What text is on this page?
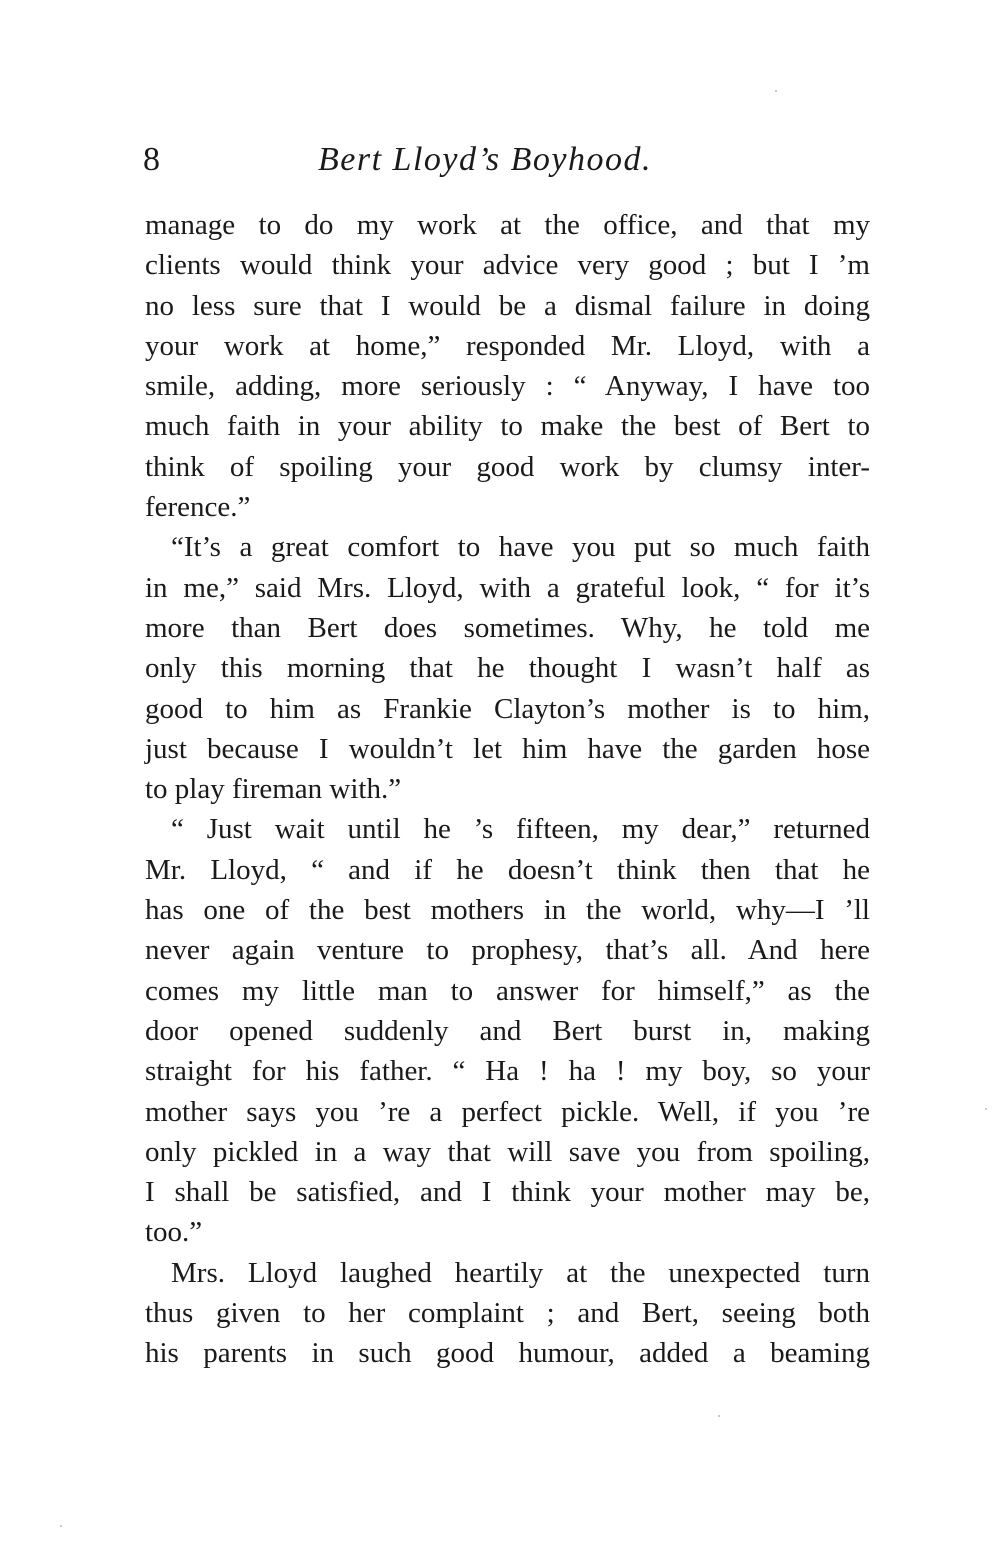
8	Bert Lloyd’s Boyhood.
manage to do my work at the office, and that my
clients would think your advice very good ; but I ’m
no less sure that I would be a dismal failure in doing
your work at home,” responded Mr. Lloyd, with a
smile, adding, more seriously : “ Anyway, I have too
much faith in your ability to make the best of Bert to
think of spoiling your good work by clumsy inter-
ference.”
“It’s a great comfort to have you put so much faith
in me,” said Mrs. Lloyd, with a grateful look, “ for it’s
more than Bert does sometimes. Why, he told me
only this morning that he thought I wasn’t half as
good to him as Frankie Clayton’s mother is to him,
just because I wouldn’t let him have the garden hose
to play fireman with.”
“ Just wait until he ’s fifteen, my dear,” returned
Mr. Lloyd, “ and if he doesn’t think then that he
has one of the best mothers in the world, why—I ’ll
never again venture to prophesy, that’s all. And here
comes my little man to answer for himself,” as the
door opened suddenly and Bert burst in, making
straight for his father. “ Ha ! ha ! my boy, so your
mother says you ’re a perfect pickle. Well, if you ’re
only pickled in a way that will save you from spoiling,
I shall be satisfied, and I think your mother may be,
too.”
Mrs. Lloyd laughed heartily at the unexpected turn
thus given to her complaint ; and Bert, seeing both
his parents in such good humour, added a beaming
